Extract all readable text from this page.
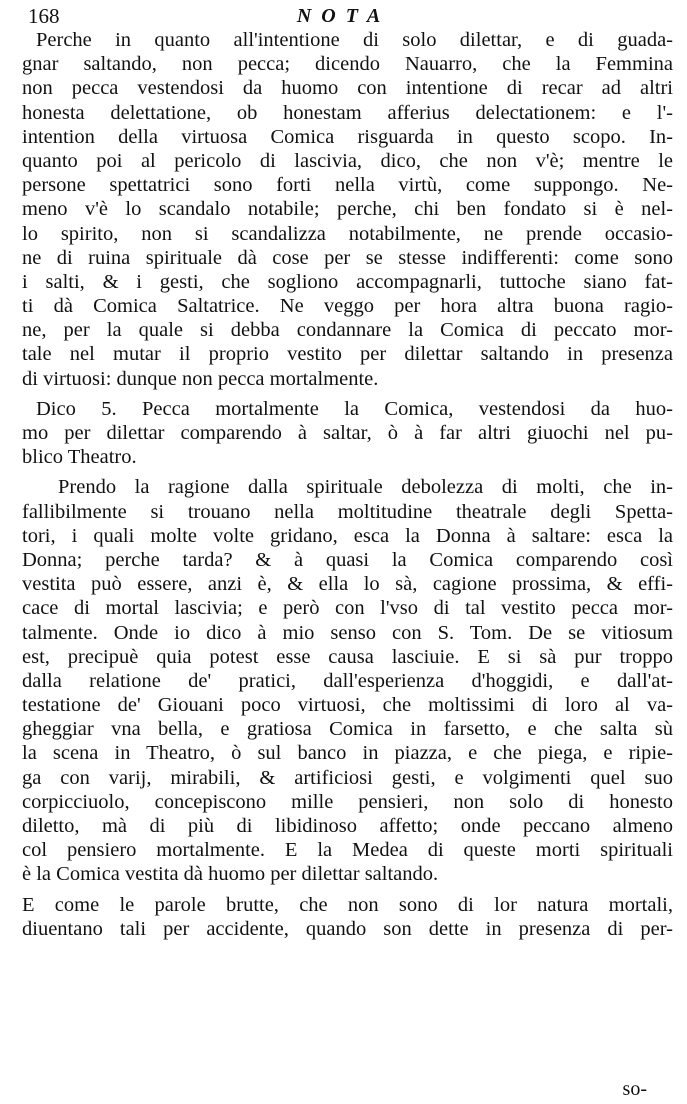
168	NOTA
Perche in quanto all'intentione di solo dilettar, e di guada-
gnar saltando, non pecca; dicendo Nauarro, che la Femmina
non pecca vestendosi da huomo con intentione di recar ad altri
honesta delettatione, ob honestam afferius delectationem: e l'-
intention della virtuosa Comica risguarda in questo scopo. In-
quanto poi al pericolo di lascivia, dico, che non v'è; mentre le
persone spettatrici sono forti nella virtù, come suppongo. Ne-
meno v'è lo scandalo notabile; perche, chi ben fondato si è nel-
lo spirito, non si scandalizza notabilmente, ne prende occasio-
ne di ruina spirituale dà cose per se stesse indifferenti: come sono
i salti, & i gesti, che sogliono accompagnarli, tuttoche siano fat-
ti dà Comica Saltatrice. Ne veggo per hora altra buona ragio-
ne, per la quale si debba condannare la Comica di peccato mor-
tale nel mutar il proprio vestito per dilettar saltando in presenza
di virtuosi: dunque non pecca mortalmente.
Dico 5. Pecca mortalmente la Comica, vestendosi da huo-
mo per dilettar comparendo à saltar, ò à far altri giuochi nel pu-
blico Theatro.
Prendo la ragione dalla spirituale debolezza di molti, che in-
fallibilmente si trouano nella moltitudine theatrale degli Spetta-
tori, i quali molte volte gridano, esca la Donna à saltare: esca la
Donna; perche tarda? & à quasi la Comica comparendo così
vestita può essere, anzi è, & ella lo sà, cagione prossima, & effi-
cace di mortal lascivia; e però con l'vso di tal vestito pecca mor-
talmente. Onde io dico à mio senso con S. Tom. De se vitiosum
est, precipuè quia potest esse causa lasciuie. E si sà pur troppo
dalla relatione de' pratici, dall'esperienza d'hoggidi, e dall'at-
testatione de' Giouani poco virtuosi, che moltissimi di loro al va-
gheggiar vna bella, e gratiosa Comica in farsetto, e che salta sù
la scena in Theatro, ò sul banco in piazza, e che piega, e ripie-
ga con varij, mirabili, & artificiosi gesti, e volgimenti quel suo
corpicciuolo, concepiscono mille pensieri, non solo di honesto
diletto, mà di più di libidinoso affetto; onde peccano almeno
col pensiero mortalmente. E la Medea di queste morti spirituali
è la Comica vestita dà huomo per dilettar saltando.
E come le parole brutte, che non sono di lor natura mortali,
diuentano tali per accidente, quando son dette in presenza di per-
so-
